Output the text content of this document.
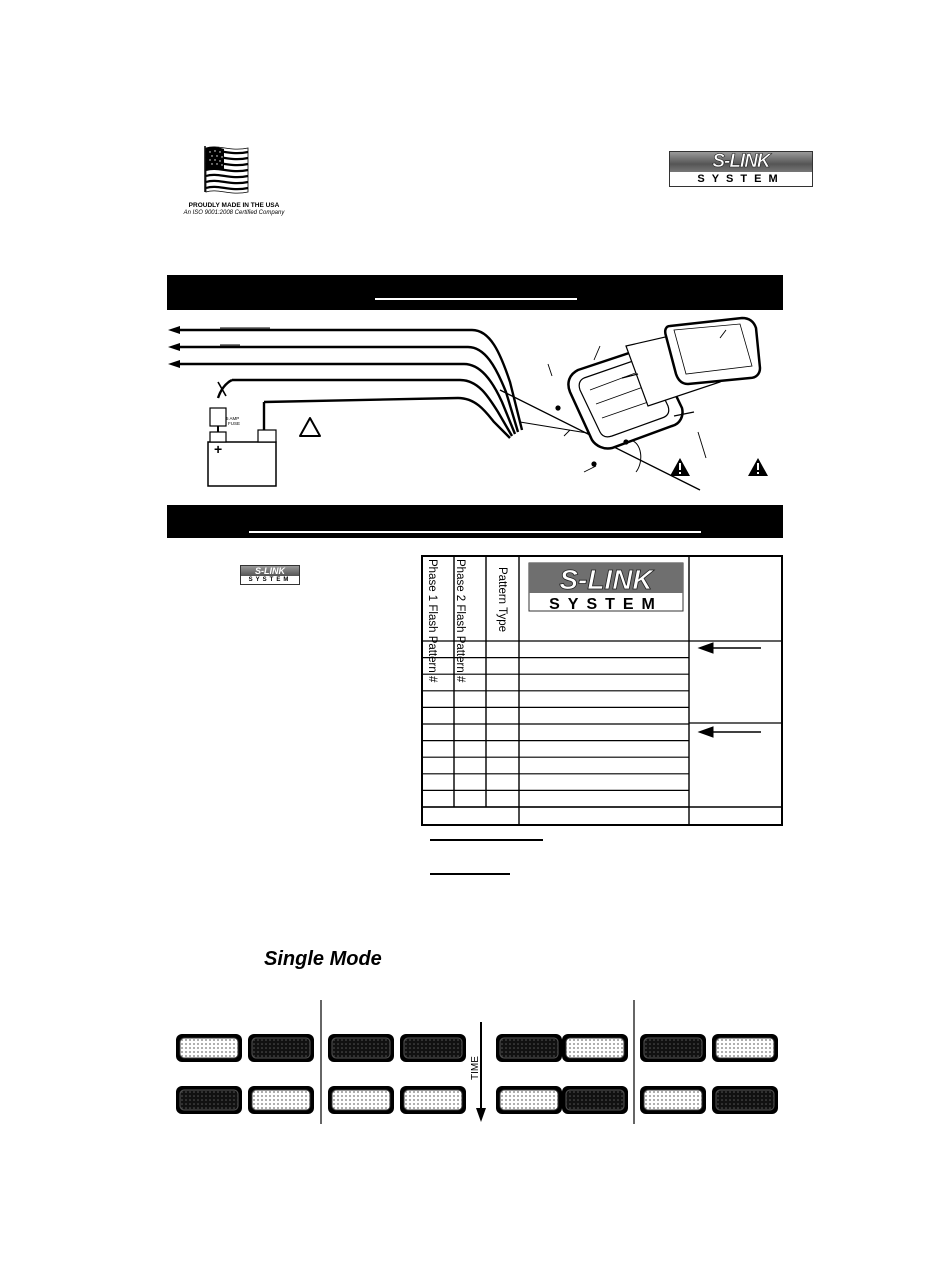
PROUDLY MADE IN THE USA
An ISO 9001:2008 Certified Company
S-LINK
SYSTEM
5 AMP
FUSE
+
S-LINK
SYSTEM	Phase 1 Flash Pattern # Phase 2 Flash Pattern #	Pattern Type S-LINK
SYSTEM
Single Mode
TIME
